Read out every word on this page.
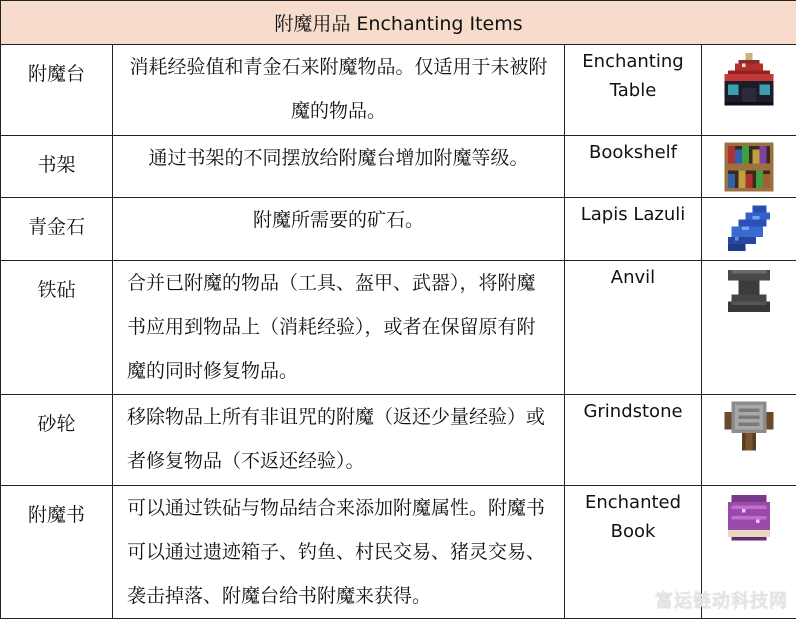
附魔用品 Enchanting Items			
附魔台	消耗经验值和青金石来附魔物品。仅适用于未被附魔的物品。	Enchanting Table	

书架	通过书架的不同摆放给附魔台增加附魔等级。	Bookshelf	

青金石	附魔所需要的矿石。	Lapis Lazuli	

铁砧	合并已附魔的物品（工具、盔甲、武器），将附魔书应用到物品上（消耗经验），或者在保留原有附魔的同时修复物品。	Anvil	

砂轮	移除物品上所有非诅咒的附魔（返还少量经验）或者修复物品（不返还经验）。	Grindstone	

附魔书	可以通过铁砧与物品结合来添加附魔属性。附魔书可以通过遗迹箱子、钓鱼、村民交易、猪灵交易、袭击掉落、附魔台给书附魔来获得。	Enchanted Book	
富运链动科技网
